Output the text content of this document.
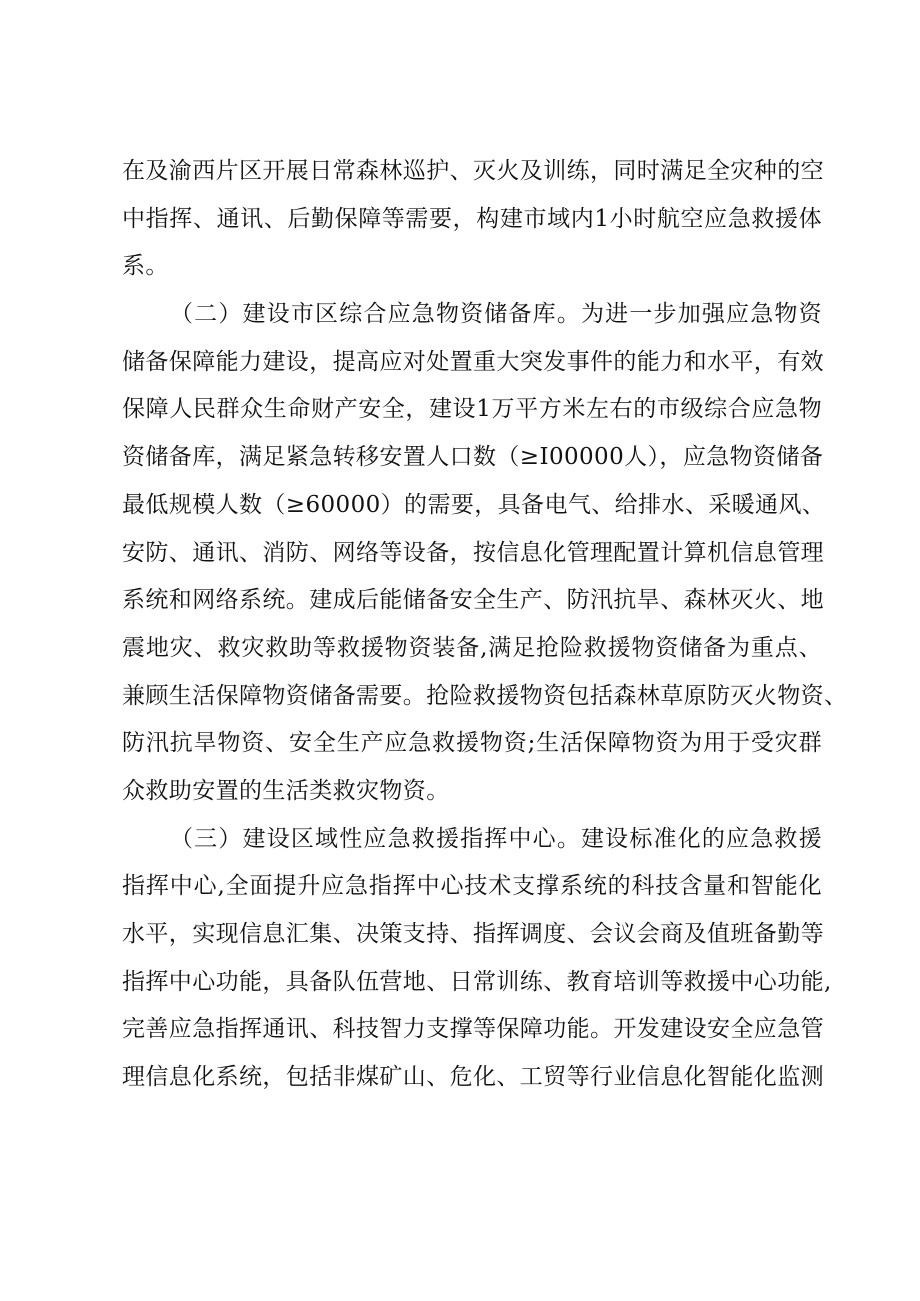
在及渝西片区开展日常森林巡护、灭火及训练，同时满足全灾种的空
中指挥、通讯、后勤保障等需要，构建市域内1小时航空应急救援体
系。
（二）建设市区综合应急物资储备库。为进一步加强应急物资
储备保障能力建设，提高应对处置重大突发事件的能力和水平，有效
保障人民群众生命财产安全，建设1万平方米左右的市级综合应急物
资储备库，满足紧急转移安置人口数（≥I00000人），应急物资储备
最低规模人数（≥60000）的需要，具备电气、给排水、采暖通风、
安防、通讯、消防、网络等设备，按信息化管理配置计算机信息管理
系统和网络系统。建成后能储备安全生产、防汛抗旱、森林灭火、地
震地灾、救灾救助等救援物资装备,满足抢险救援物资储备为重点、
兼顾生活保障物资储备需要。抢险救援物资包括森林草原防灭火物资、
防汛抗旱物资、安全生产应急救援物资;生活保障物资为用于受灾群
众救助安置的生活类救灾物资。
（三）建设区域性应急救援指挥中心。建设标准化的应急救援
指挥中心,全面提升应急指挥中心技术支撑系统的科技含量和智能化
水平，实现信息汇集、决策支持、指挥调度、会议会商及值班备勤等
指挥中心功能，具备队伍营地、日常训练、教育培训等救援中心功能,
完善应急指挥通讯、科技智力支撑等保障功能。开发建设安全应急管
理信息化系统，包括非煤矿山、危化、工贸等行业信息化智能化监测
